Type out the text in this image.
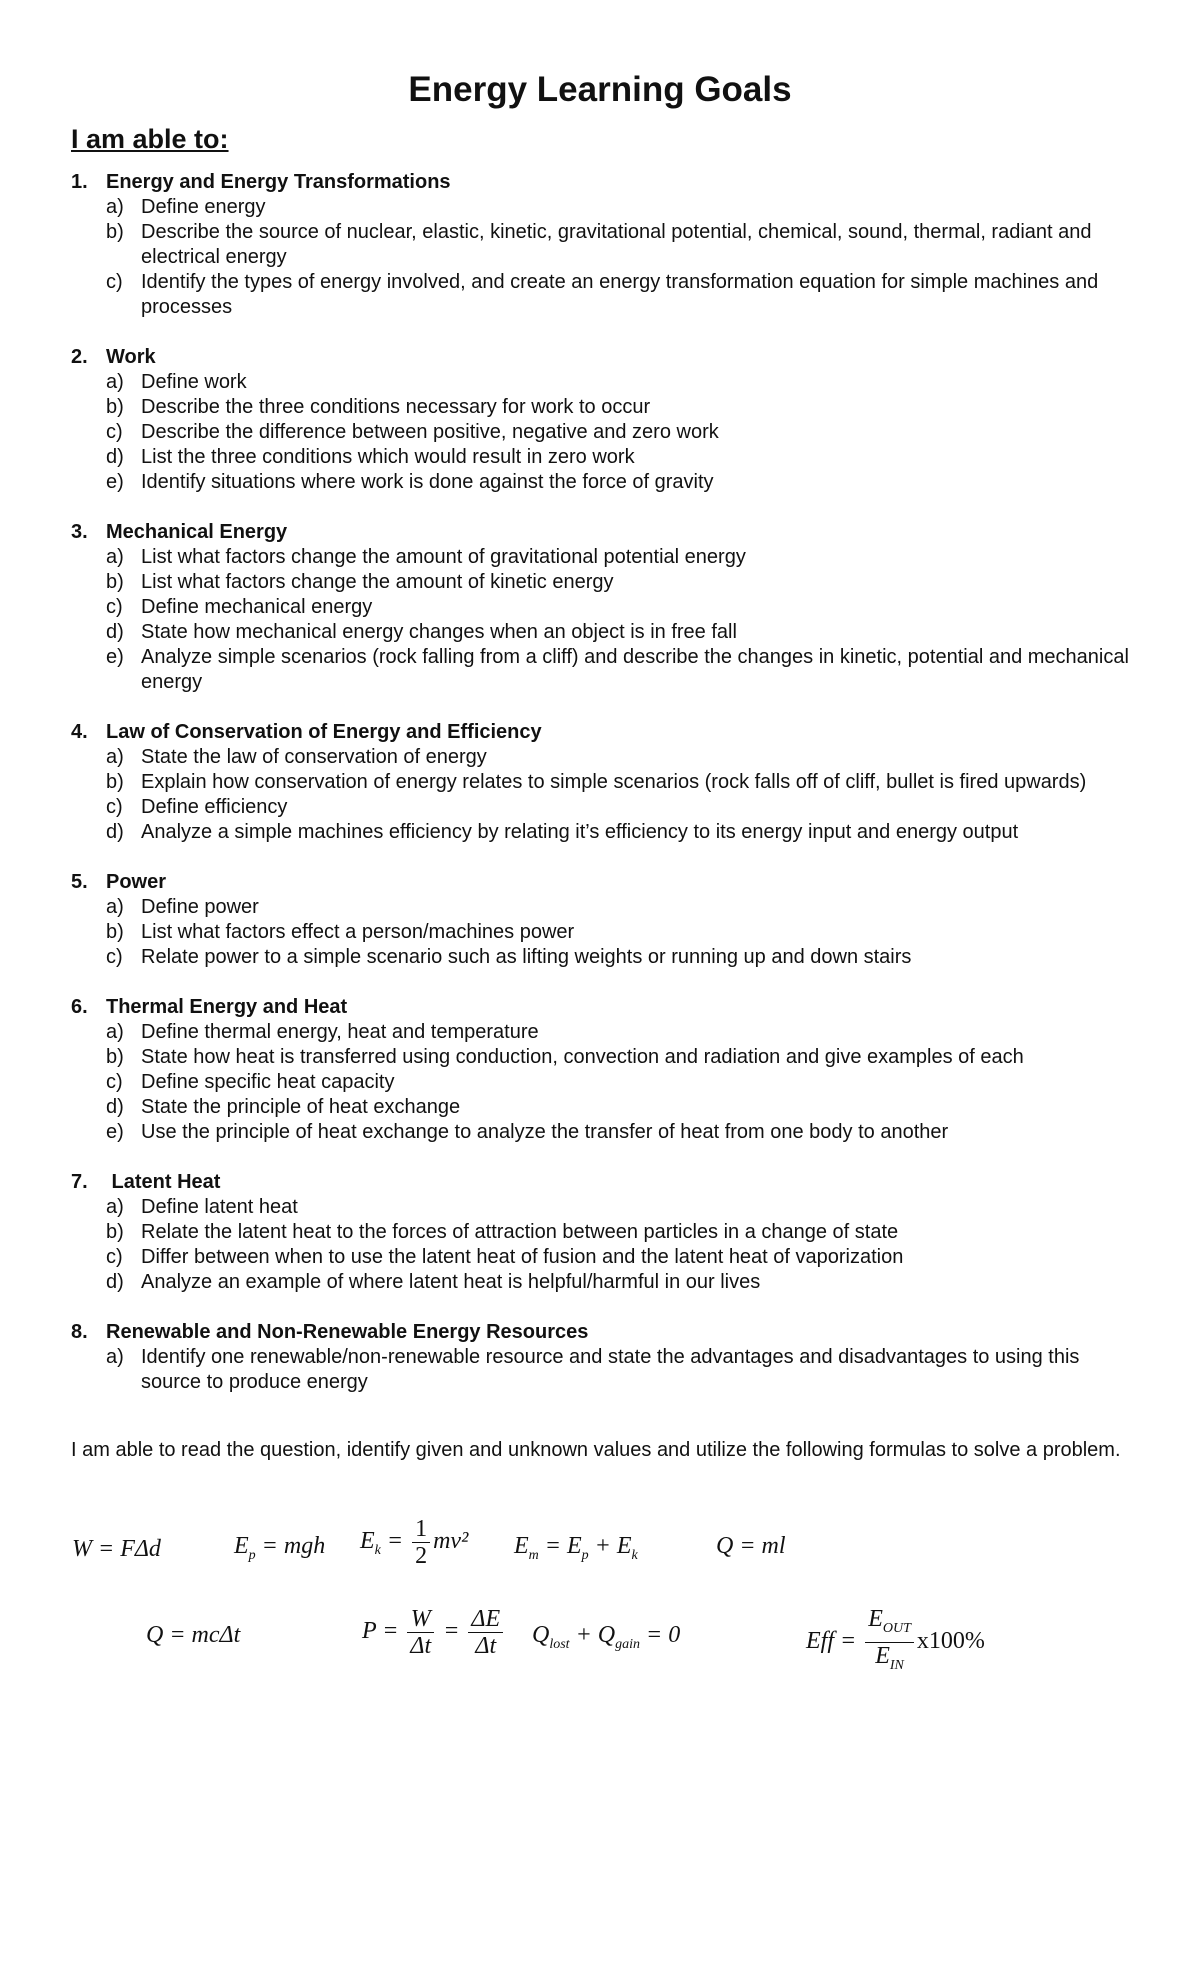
Energy Learning Goals
I am able to:
1. Energy and Energy Transformations
a) Define energy
b) Describe the source of nuclear, elastic, kinetic, gravitational potential, chemical, sound, thermal, radiant and electrical energy
c) Identify the types of energy involved, and create an energy transformation equation for simple machines and processes
2. Work
a) Define work
b) Describe the three conditions necessary for work to occur
c) Describe the difference between positive, negative and zero work
d) List the three conditions which would result in zero work
e) Identify situations where work is done against the force of gravity
3. Mechanical Energy
a) List what factors change the amount of gravitational potential energy
b) List what factors change the amount of kinetic energy
c) Define mechanical energy
d) State how mechanical energy changes when an object is in free fall
e) Analyze simple scenarios (rock falling from a cliff) and describe the changes in kinetic, potential and mechanical energy
4. Law of Conservation of Energy and Efficiency
a) State the law of conservation of energy
b) Explain how conservation of energy relates to simple scenarios (rock falls off of cliff, bullet is fired upwards)
c) Define efficiency
d) Analyze a simple machines efficiency by relating it’s efficiency to its energy input and energy output
5. Power
a) Define power
b) List what factors effect a person/machines power
c) Relate power to a simple scenario such as lifting weights or running up and down stairs
6. Thermal Energy and Heat
a) Define thermal energy, heat and temperature
b) State how heat is transferred using conduction, convection and radiation and give examples of each
c) Define specific heat capacity
d) State the principle of heat exchange
e) Use the principle of heat exchange to analyze the transfer of heat from one body to another
7. Latent Heat
a) Define latent heat
b) Relate the latent heat to the forces of attraction between particles in a change of state
c) Differ between when to use the latent heat of fusion and the latent heat of vaporization
d) Analyze an example of where latent heat is helpful/harmful in our lives
8. Renewable and Non-Renewable Energy Resources
a) Identify one renewable/non-renewable resource and state the advantages and disadvantages to using this source to produce energy
I am able to read the question, identify given and unknown values and utilize the following formulas to solve a problem.
W = FΔd	$E_p$ = mgh $E_k = \frac{1}{2} mv^2$ $E_m = E_p + E_k$	Q = ml
Q = mcΔt	$P = \frac{W}{\Delta t} = \frac{\Delta E}{\Delta t} Q_{lost} + Q_{gain} = 0$	Eff = $\frac{E_{OUT}}{E_{IN}} x100\%$
